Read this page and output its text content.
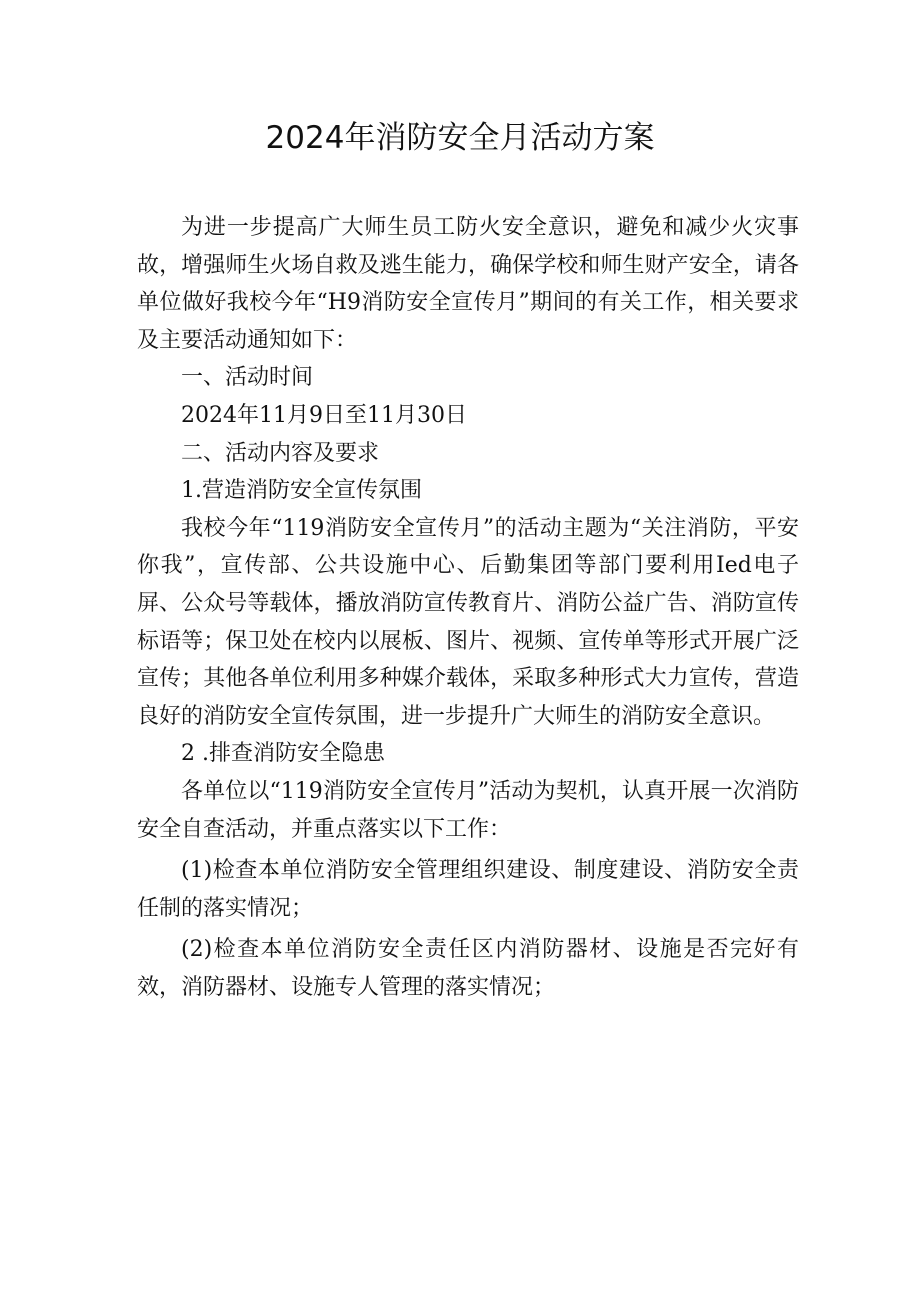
2024年消防安全月活动方案

为进一步提高广大师生员工防火安全意识，避免和减少火灾事故，增强师生火场自救及逃生能力，确保学校和师生财产安全，请各单位做好我校今年“H9消防安全宣传月”期间的有关工作，相关要求及主要活动通知如下：

一、活动时间

2024年11月9日至11月30日

二、活动内容及要求

1.营造消防安全宣传氛围

我校今年“119消防安全宣传月”的活动主题为“关注消防，平安你我”，宣传部、公共设施中心、后勤集团等部门要利用Ied电子屏、公众号等载体，播放消防宣传教育片、消防公益广告、消防宣传标语等；保卫处在校内以展板、图片、视频、宣传单等形式开展广泛宣传；其他各单位利用多种媒介载体，采取多种形式大力宣传，营造良好的消防安全宣传氛围，进一步提升广大师生的消防安全意识。

2 .排查消防安全隐患

各单位以“119消防安全宣传月”活动为契机，认真开展一次消防安全自查活动，并重点落实以下工作：

(1)检查本单位消防安全管理组织建设、制度建设、消防安全责任制的落实情况；

(2)检查本单位消防安全责任区内消防器材、设施是否完好有效，消防器材、设施专人管理的落实情况；
